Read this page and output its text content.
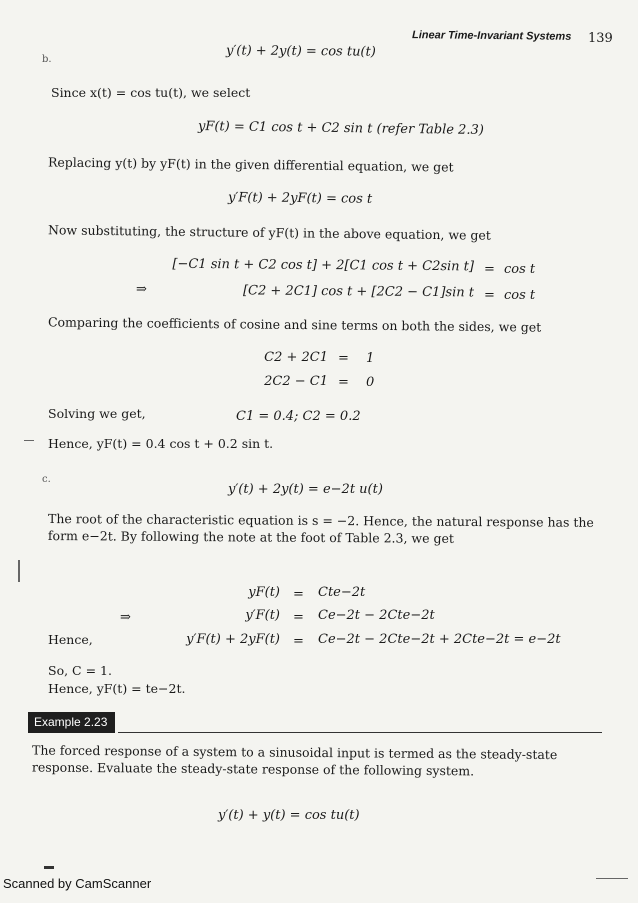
Linear Time-Invariant Systems 139
b.	y′(t) + 2y(t) = cos tu(t)
Since x(t) = cos tu(t), we select
yF(t) = C1 cos t + C2 sin t (refer Table 2.3)
Replacing y(t) by yF(t) in the given differential equation, we get
y′F(t) + 2yF(t) = cos t
Now substituting, the structure of yF(t) in the above equation, we get
⇒
[−C1 sin t + C2 cos t] + 2[C1 cos t + C2sin t] = cos t
[C2 + 2C1] cos t + [2C2 − C1]sin t = cos t
Comparing the coefficients of cosine and sine terms on both the sides, we get
C2 + 2C1 = 1
2C2 − C1 = 0
Solving we get,	C1 = 0.4; C2 = 0.2
Hence, yF(t) = 0.4 cos t + 0.2 sin t.
c.
y′(t) + 2y(t) = e−2t u(t)
The root of the characteristic equation is s = −2. Hence, the natural response has the form e−2t. By following the note at the foot of Table 2.3, we get
⇒
Hence,
yF(t) = Cte−2t
y′F(t) = Ce−2t − 2Cte−2t
y′F(t) + 2yF(t) = Ce−2t − 2Cte−2t + 2Cte−2t = e−2t
So, C = 1.
Hence, yF(t) = te−2t.
Example 2.23
The forced response of a system to a sinusoidal input is termed as the steady-state response. Evaluate the steady-state response of the following system.
y′(t) + y(t) = cos tu(t)
Scanned by CamScanner
